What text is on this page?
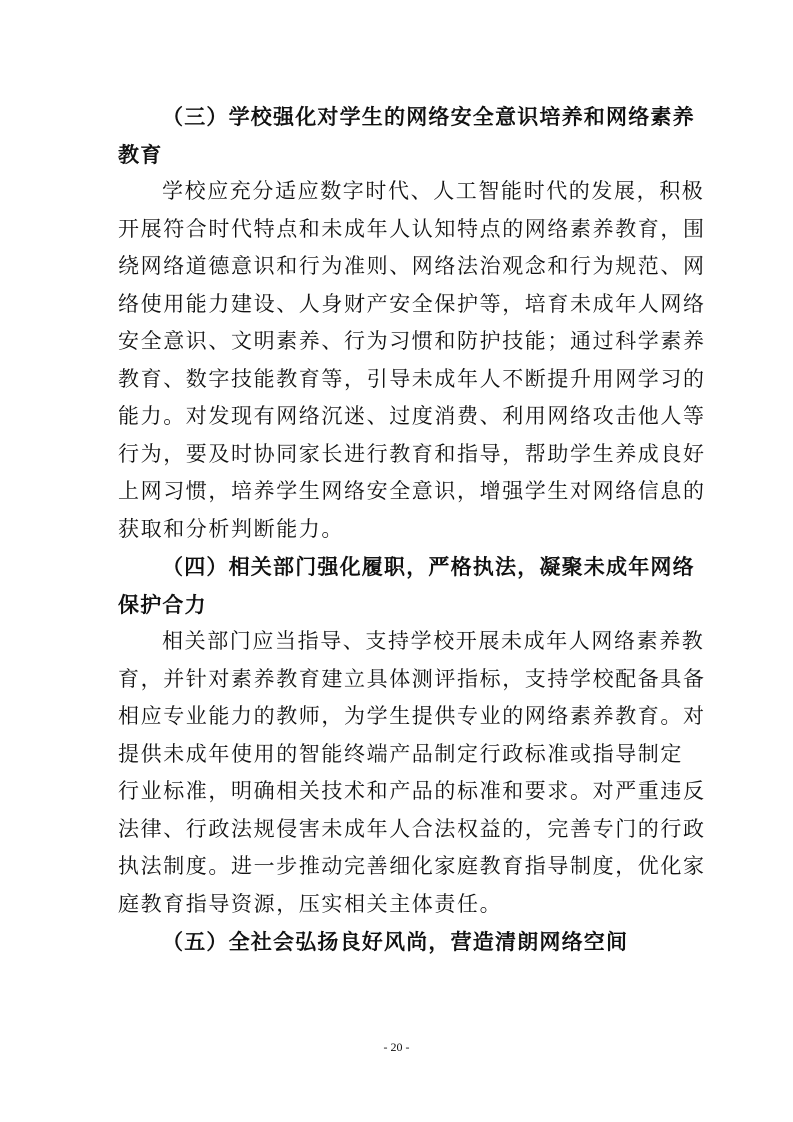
（三）学校强化对学生的网络安全意识培养和网络素养
教育
学校应充分适应数字时代、人工智能时代的发展，积极
开展符合时代特点和未成年人认知特点的网络素养教育，围
绕网络道德意识和行为准则、网络法治观念和行为规范、网
络使用能力建设、人身财产安全保护等，培育未成年人网络
安全意识、文明素养、行为习惯和防护技能；通过科学素养
教育、数字技能教育等，引导未成年人不断提升用网学习的
能力。对发现有网络沉迷、过度消费、利用网络攻击他人等
行为，要及时协同家长进行教育和指导，帮助学生养成良好
上网习惯，培养学生网络安全意识，增强学生对网络信息的
获取和分析判断能力。
（四）相关部门强化履职，严格执法，凝聚未成年网络
保护合力
相关部门应当指导、支持学校开展未成年人网络素养教
育，并针对素养教育建立具体测评指标，支持学校配备具备
相应专业能力的教师，为学生提供专业的网络素养教育。对
提供未成年使用的智能终端产品制定行政标准或指导制定
行业标准，明确相关技术和产品的标准和要求。对严重违反
法律、行政法规侵害未成年人合法权益的，完善专门的行政
执法制度。进一步推动完善细化家庭教育指导制度，优化家
庭教育指导资源，压实相关主体责任。
（五）全社会弘扬良好风尚，营造清朗网络空间
- 20 -
